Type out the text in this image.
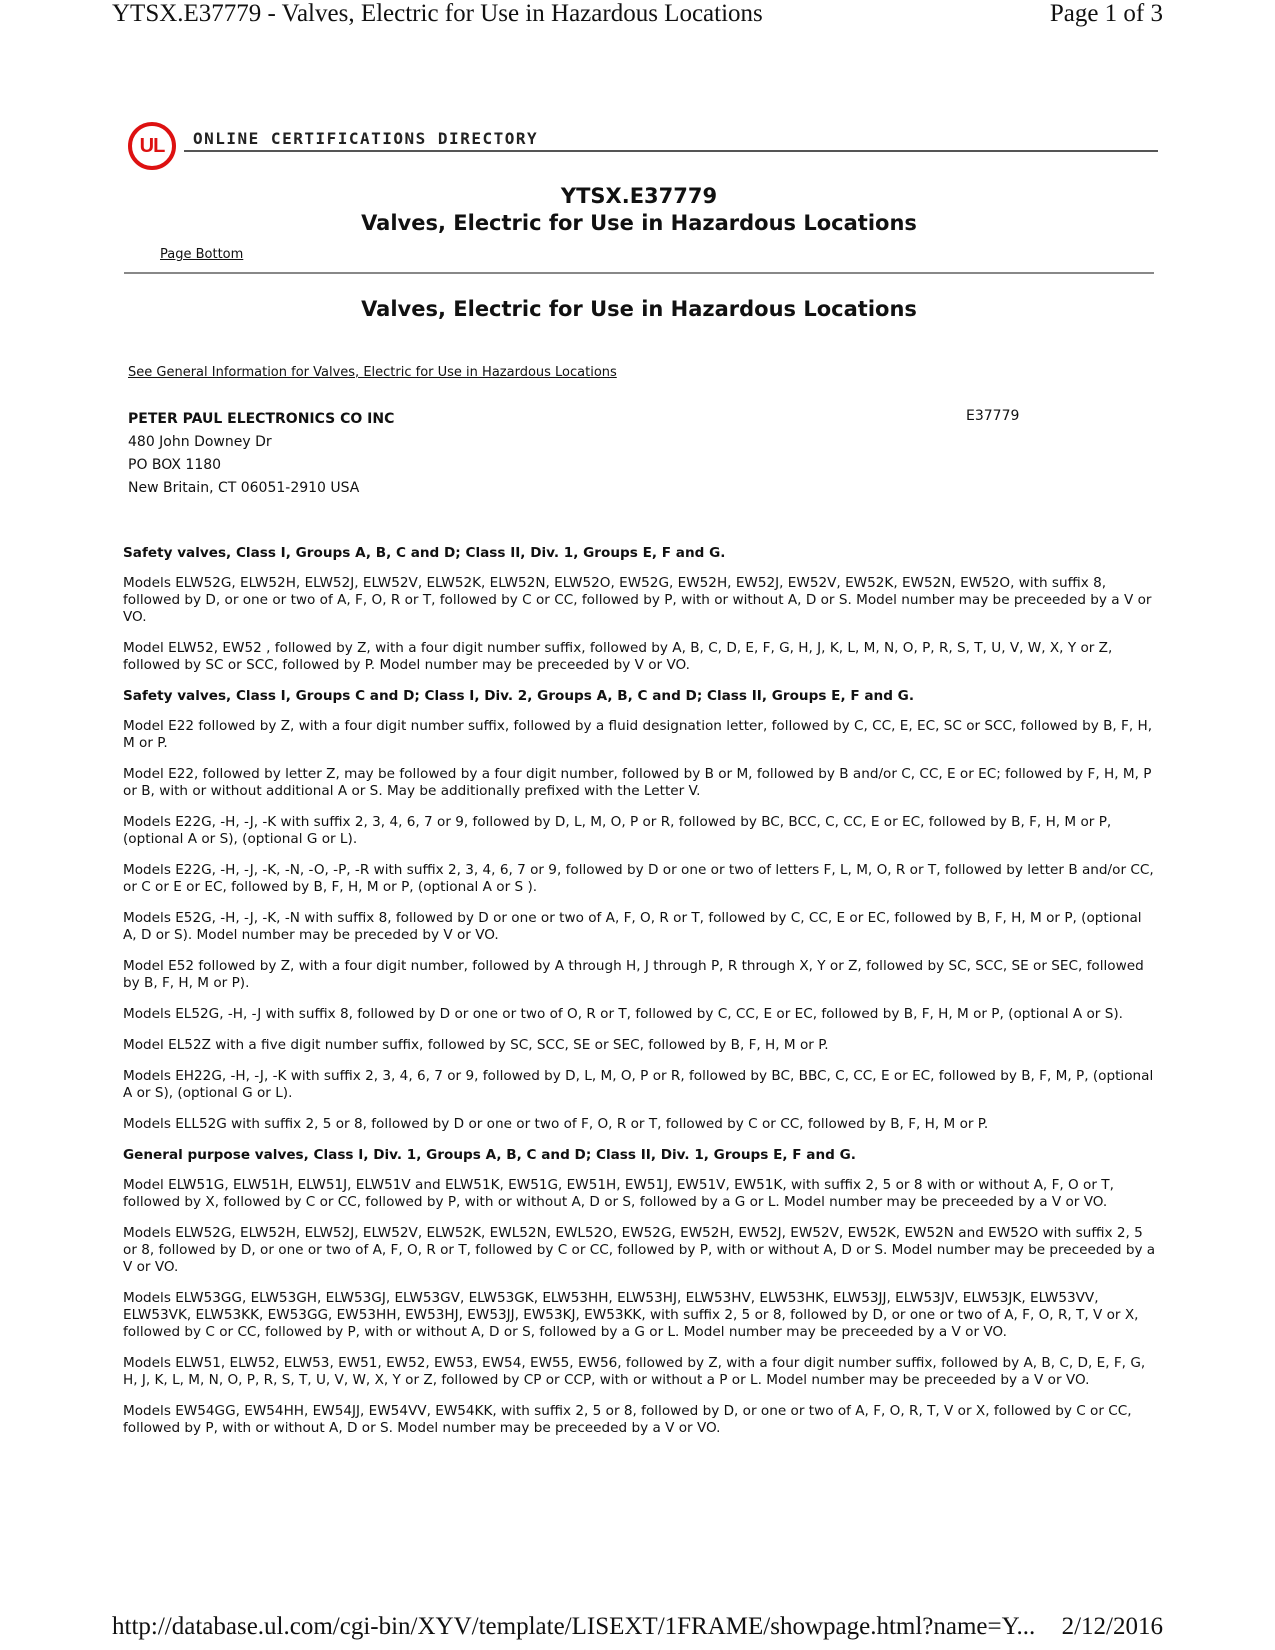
YTSX.E37779 - Valves, Electric for Use in Hazardous Locations	Page 1 of 3
UL	ONLINE CERTIFICATIONS DIRECTORY
YTSX.E37779
Valves, Electric for Use in Hazardous Locations
Page Bottom
Valves, Electric for Use in Hazardous Locations
See General Information for Valves, Electric for Use in Hazardous Locations
PETER PAUL ELECTRONICS CO INC
480 John Downey Dr
PO BOX 1180
New Britain, CT 06051-2910 USA
E37779

Safety valves, Class I, Groups A, B, C and D; Class II, Div. 1, Groups E, F and G.

Models ELW52G, ELW52H, ELW52J, ELW52V, ELW52K, ELW52N, ELW52O, EW52G, EW52H, EW52J, EW52V, EW52K, EW52N, EW52O, with suffix 8, followed by D, or one or two of A, F, O, R or T, followed by C or CC, followed by P, with or without A, D or S. Model number may be preceeded by a V or VO.

Model ELW52, EW52 , followed by Z, with a four digit number suffix, followed by A, B, C, D, E, F, G, H, J, K, L, M, N, O, P, R, S, T, U, V, W, X, Y or Z, followed by SC or SCC, followed by P. Model number may be preceeded by V or VO.

Safety valves, Class I, Groups C and D; Class I, Div. 2, Groups A, B, C and D; Class II, Groups E, F and G.

Model E22 followed by Z, with a four digit number suffix, followed by a fluid designation letter, followed by C, CC, E, EC, SC or SCC, followed by B, F, H, M or P.

Model E22, followed by letter Z, may be followed by a four digit number, followed by B or M, followed by B and/or C, CC, E or EC; followed by F, H, M, P or B, with or without additional A or S. May be additionally prefixed with the Letter V.

Models E22G, -H, -J, -K with suffix 2, 3, 4, 6, 7 or 9, followed by D, L, M, O, P or R, followed by BC, BCC, C, CC, E or EC, followed by B, F, H, M or P, (optional A or S), (optional G or L).

Models E22G, -H, -J, -K, -N, -O, -P, -R with suffix 2, 3, 4, 6, 7 or 9, followed by D or one or two of letters F, L, M, O, R or T, followed by letter B and/or CC, or C or E or EC, followed by B, F, H, M or P, (optional A or S ).

Models E52G, -H, -J, -K, -N with suffix 8, followed by D or one or two of A, F, O, R or T, followed by C, CC, E or EC, followed by B, F, H, M or P, (optional A, D or S). Model number may be preceded by V or VO.

Model E52 followed by Z, with a four digit number, followed by A through H, J through P, R through X, Y or Z, followed by SC, SCC, SE or SEC, followed by B, F, H, M or P).

Models EL52G, -H, -J with suffix 8, followed by D or one or two of O, R or T, followed by C, CC, E or EC, followed by B, F, H, M or P, (optional A or S).

Model EL52Z with a five digit number suffix, followed by SC, SCC, SE or SEC, followed by B, F, H, M or P.

Models EH22G, -H, -J, -K with suffix 2, 3, 4, 6, 7 or 9, followed by D, L, M, O, P or R, followed by BC, BBC, C, CC, E or EC, followed by B, F, M, P, (optional A or S), (optional G or L).

Models ELL52G with suffix 2, 5 or 8, followed by D or one or two of F, O, R or T, followed by C or CC, followed by B, F, H, M or P.

General purpose valves, Class I, Div. 1, Groups A, B, C and D; Class II, Div. 1, Groups E, F and G.

Model ELW51G, ELW51H, ELW51J, ELW51V and ELW51K, EW51G, EW51H, EW51J, EW51V, EW51K, with suffix 2, 5 or 8 with or without A, F, O or T, followed by X, followed by C or CC, followed by P, with or without A, D or S, followed by a G or L. Model number may be preceeded by a V or VO.

Models ELW52G, ELW52H, ELW52J, ELW52V, ELW52K, EWL52N, EWL52O, EW52G, EW52H, EW52J, EW52V, EW52K, EW52N and EW52O with suffix 2, 5 or 8, followed by D, or one or two of A, F, O, R or T, followed by C or CC, followed by P, with or without A, D or S. Model number may be preceeded by a V or VO.

Models ELW53GG, ELW53GH, ELW53GJ, ELW53GV, ELW53GK, ELW53HH, ELW53HJ, ELW53HV, ELW53HK, ELW53JJ, ELW53JV, ELW53JK, ELW53VV, ELW53VK, ELW53KK, EW53GG, EW53HH, EW53HJ, EW53JJ, EW53KJ, EW53KK, with suffix 2, 5 or 8, followed by D, or one or two of A, F, O, R, T, V or X, followed by C or CC, followed by P, with or without A, D or S, followed by a G or L. Model number may be preceeded by a V or VO.

Models ELW51, ELW52, ELW53, EW51, EW52, EW53, EW54, EW55, EW56, followed by Z, with a four digit number suffix, followed by A, B, C, D, E, F, G, H, J, K, L, M, N, O, P, R, S, T, U, V, W, X, Y or Z, followed by CP or CCP, with or without a P or L. Model number may be preceeded by a V or VO.

Models EW54GG, EW54HH, EW54JJ, EW54VV, EW54KK, with suffix 2, 5 or 8, followed by D, or one or two of A, F, O, R, T, V or X, followed by C or CC, followed by P, with or without A, D or S. Model number may be preceeded by a V or VO.

http://database.ul.com/cgi-bin/XYV/template/LISEXT/1FRAME/showpage.html?name=Y... 2/12/2016
